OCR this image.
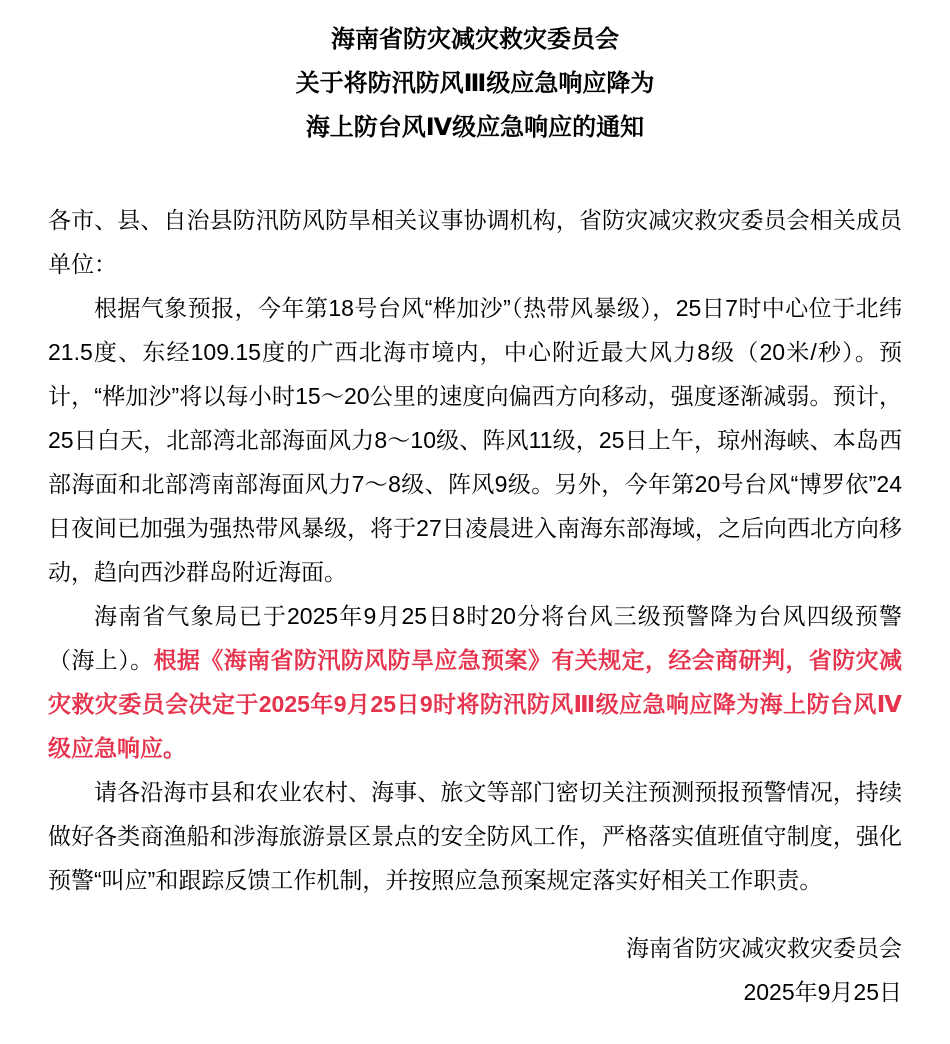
海南省防灾减灾救灾委员会
关于将防汛防风Ⅲ级应急响应降为
海上防台风Ⅳ级应急响应的通知

各市、县、自治县防汛防风防旱相关议事协调机构，省防灾减灾救灾委员会相关成员单位：

根据气象预报，今年第18号台风“桦加沙”（热带风暴级），25日7时中心位于北纬21.5度、东经109.15度的广西北海市境内，中心附近最大风力8级（20米/秒）。预计，“桦加沙”将以每小时15～20公里的速度向偏西方向移动，强度逐渐减弱。预计，25日白天，北部湾北部海面风力8～10级、阵风11级，25日上午，琼州海峡、本岛西部海面和北部湾南部海面风力7～8级、阵风9级。另外，今年第20号台风“博罗依”24日夜间已加强为强热带风暴级，将于27日凌晨进入南海东部海域，之后向西北方向移动，趋向西沙群岛附近海面。

海南省气象局已于2025年9月25日8时20分将台风三级预警降为台风四级预警（海上）。根据《海南省防汛防风防旱应急预案》有关规定，经会商研判，省防灾减灾救灾委员会决定于2025年9月25日9时将防汛防风Ⅲ级应急响应降为海上防台风Ⅳ级应急响应。

请各沿海市县和农业农村、海事、旅文等部门密切关注预测预报预警情况，持续做好各类商渔船和涉海旅游景区景点的安全防风工作，严格落实值班值守制度，强化预警“叫应”和跟踪反馈工作机制，并按照应急预案规定落实好相关工作职责。

海南省防灾减灾救灾委员会
2025年9月25日
